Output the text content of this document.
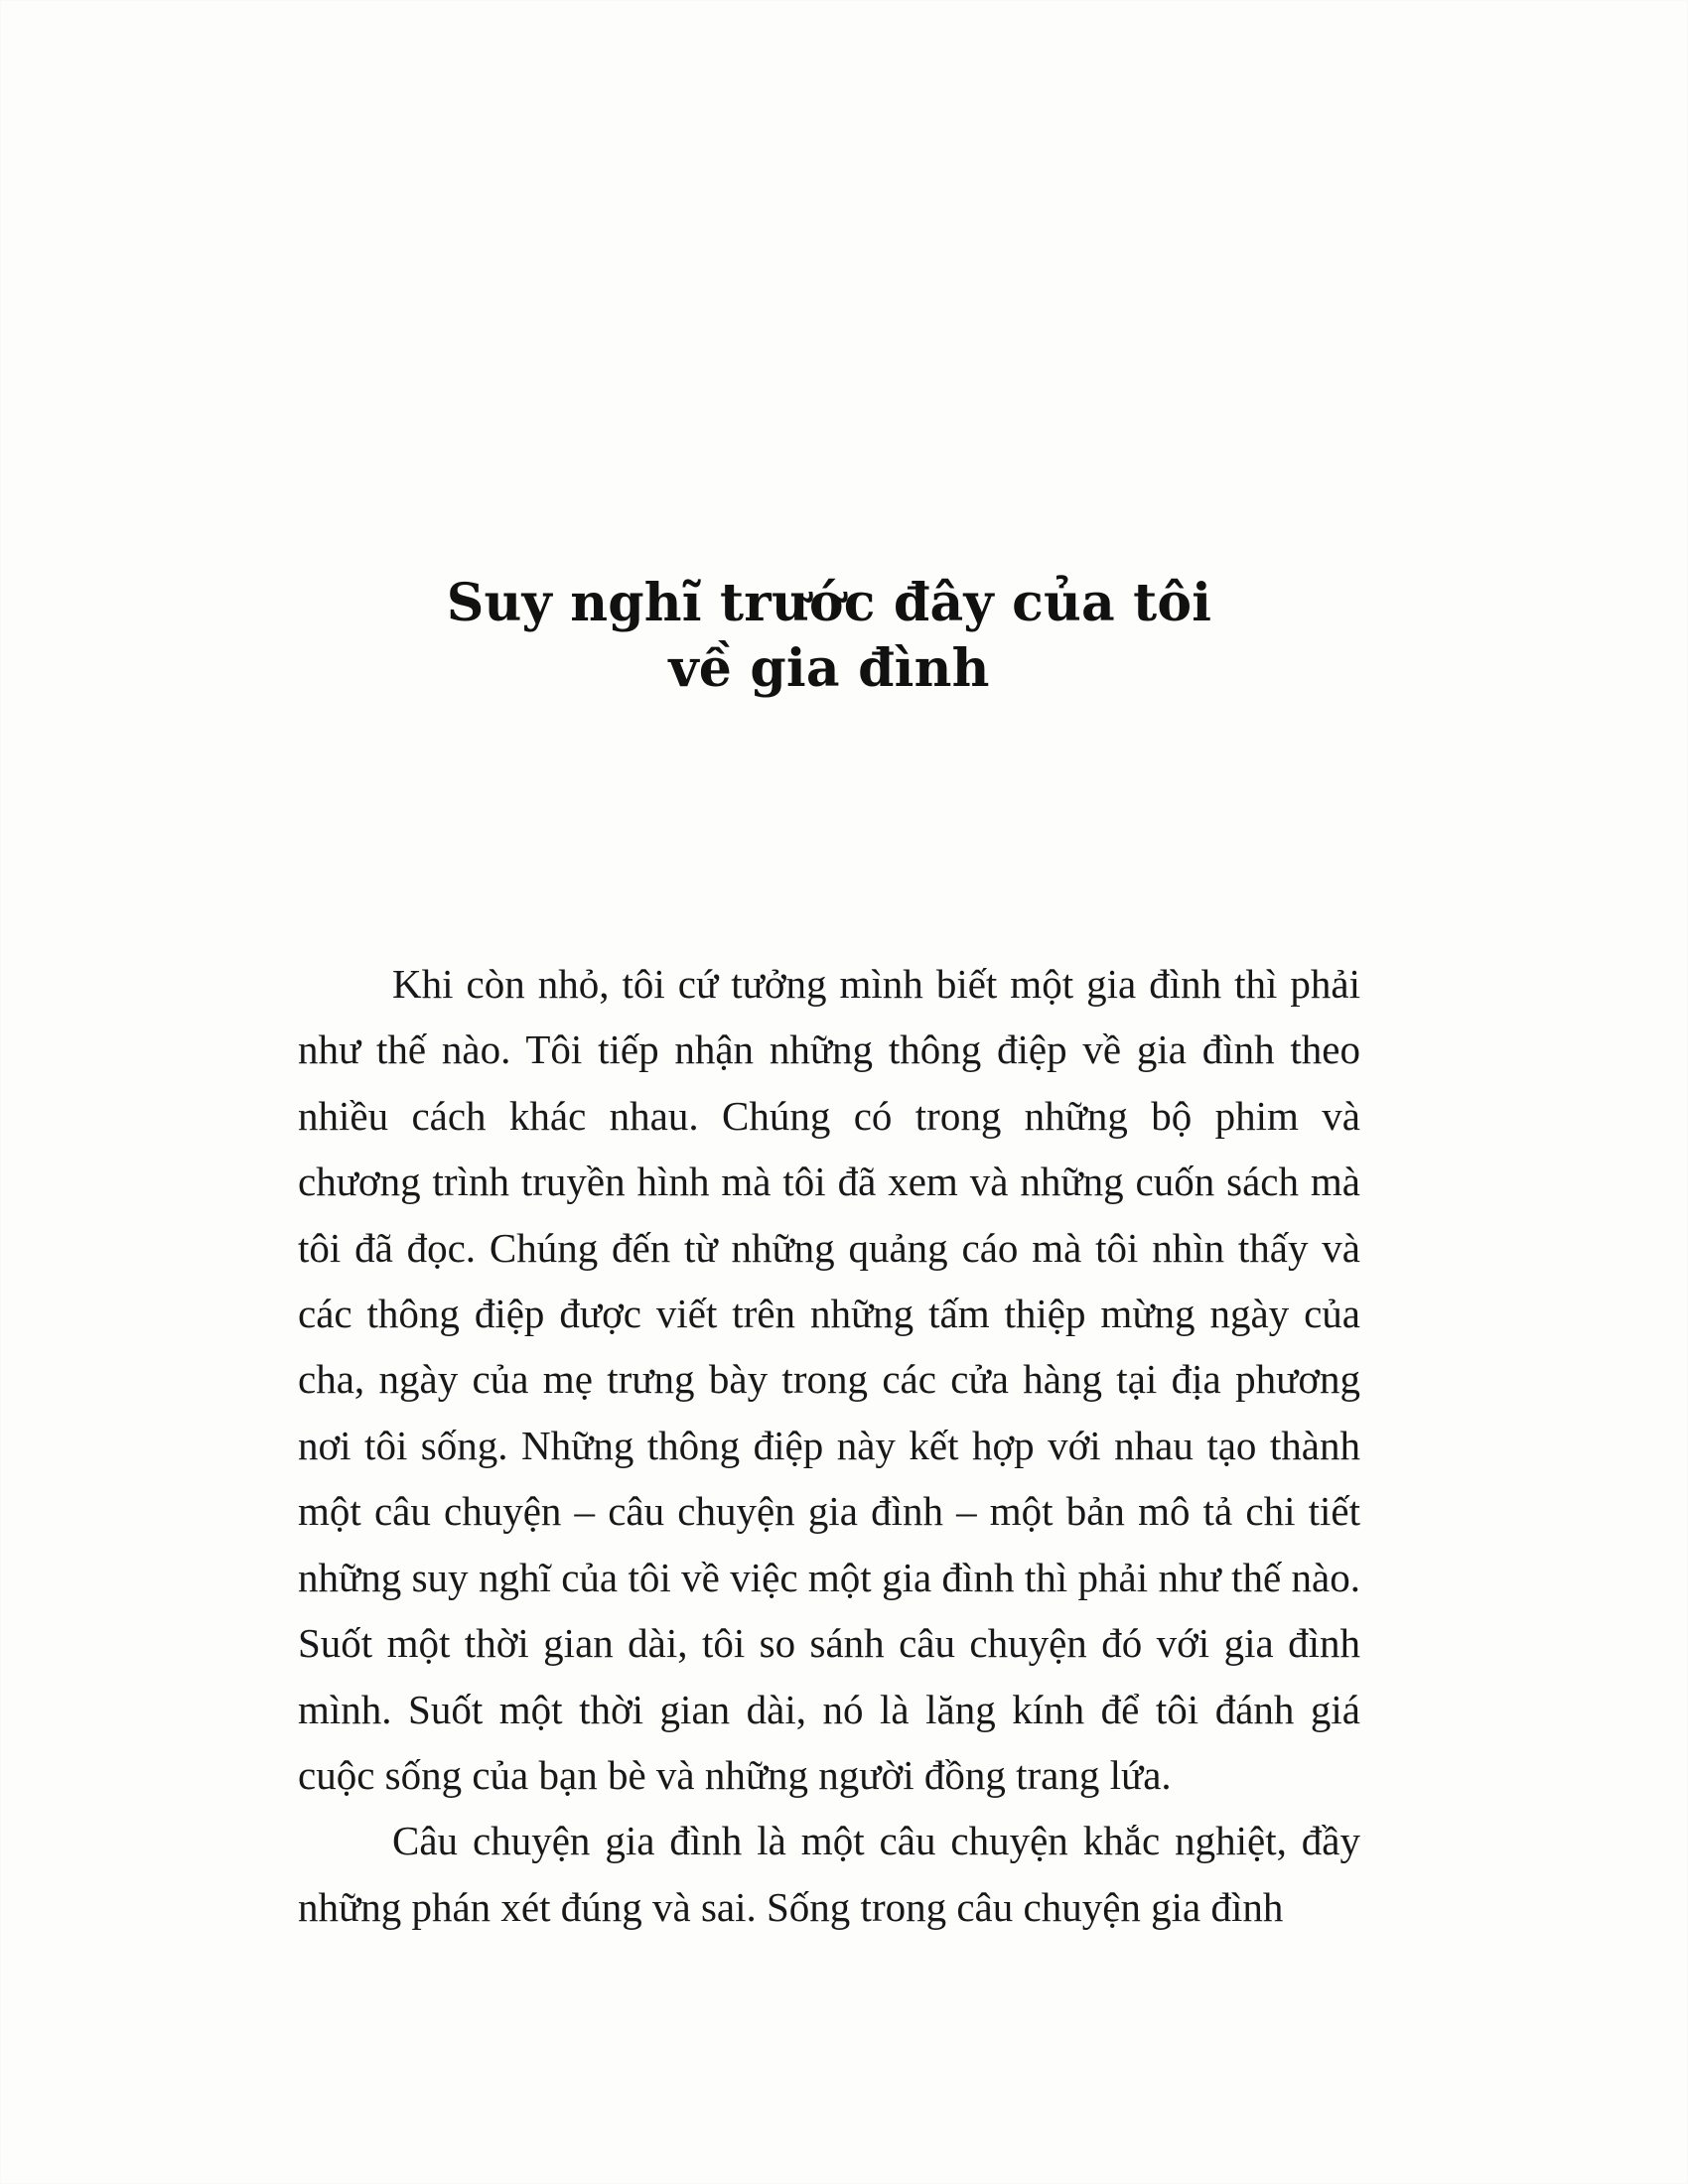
Suy nghĩ trước đây của tôi
về gia đình

Khi còn nhỏ, tôi cứ tưởng mình biết một gia đình thì phải như thế nào. Tôi tiếp nhận những thông điệp về gia đình theo nhiều cách khác nhau. Chúng có trong những bộ phim và chương trình truyền hình mà tôi đã xem và những cuốn sách mà tôi đã đọc. Chúng đến từ những quảng cáo mà tôi nhìn thấy và các thông điệp được viết trên những tấm thiệp mừng ngày của cha, ngày của mẹ trưng bày trong các cửa hàng tại địa phương nơi tôi sống. Những thông điệp này kết hợp với nhau tạo thành một câu chuyện – câu chuyện gia đình – một bản mô tả chi tiết những suy nghĩ của tôi về việc một gia đình thì phải như thế nào. Suốt một thời gian dài, tôi so sánh câu chuyện đó với gia đình mình. Suốt một thời gian dài, nó là lăng kính để tôi đánh giá cuộc sống của bạn bè và những người đồng trang lứa.

Câu chuyện gia đình là một câu chuyện khắc nghiệt, đầy những phán xét đúng và sai. Sống trong câu chuyện gia đình
